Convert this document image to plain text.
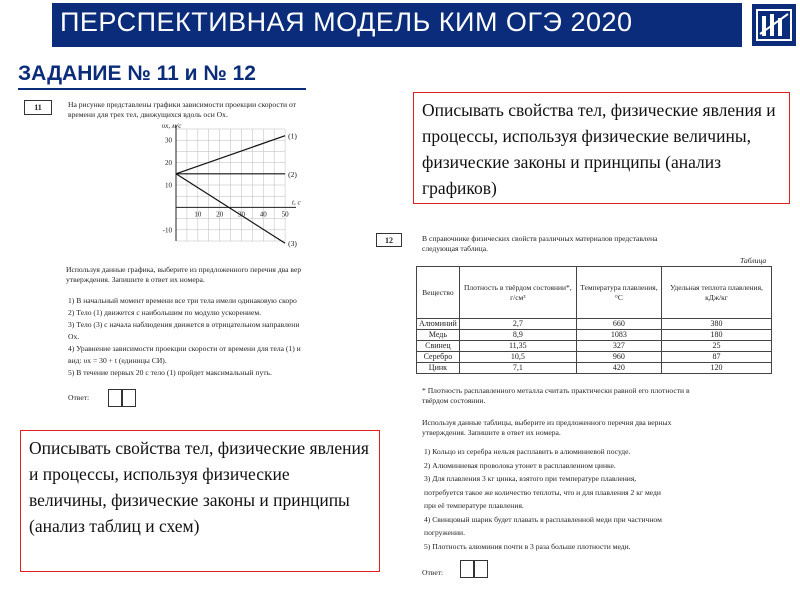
ПЕРСПЕКТИВНАЯ МОДЕЛЬ КИМ ОГЭ 2020
ЗАДАНИЕ № 11 и № 12
11	На рисунке представлены графики зависимости проекции скорости от
времени для трех тел, движущихся вдоль оси Ox.
10 20 30 40 50
-10
10
20
30
t, c
υx, м/с
(1)
(2)
(3)
Используя данные графика, выберите из предложенного перечня два вер
утверждения. Запишите в ответ их номера.
1) В начальный момент времени все три тела имели одинаковую скоро
2) Тело (1) движется с наибольшим по модулю ускорением.
3) Тело (3) с начала наблюдения движется в отрицательном направлени
Ox.
4) Уравнение зависимости проекции скорости от времени для тела (1) и
вид: υx = 30 + t (единицы СИ).
5) В течение первых 20 с тело (1) пройдет максимальный путь.
Ответ:
Описывать свойства тел, физические явления и процессы, используя физические величины, физические законы и принципы (анализ графиков)
12	В справочнике физических свойств различных материалов представлена
следующая таблица.
Таблица
Вещество	Плотность в твёрдом состоянии*, г/см³	Температура плавления, °С	Удельная теплота плавления, кДж/кг
Алюминий	2,7	660	380
Медь	8,9	1083	180
Свинец	11,35	327	25
Серебро	10,5	960	87
Цинк	7,1	420	120
* Плотность расплавленного металла считать практически равной его плотности в
твёрдом состоянии.
Используя данные таблицы, выберите из предложенного перечня два верных
утверждения. Запишите в ответ их номера.
1) Кольцо из серебра нельзя расплавить в алюминиевой посуде.
2) Алюминиевая проволока утонет в расплавленном цинке.
3) Для плавления 3 кг цинка, взятого при температуре плавления,
потребуется такое же количество теплоты, что и для плавления 2 кг меди
при её температуре плавления.
4) Свинцовый шарик будет плавать в расплавленной меди при частичном
погружении.
5) Плотность алюминия почти в 3 раза больше плотности меди.
Ответ:
Описывать свойства тел, физические явления и процессы, используя физические величины, физические законы и принципы (анализ таблиц и схем)
